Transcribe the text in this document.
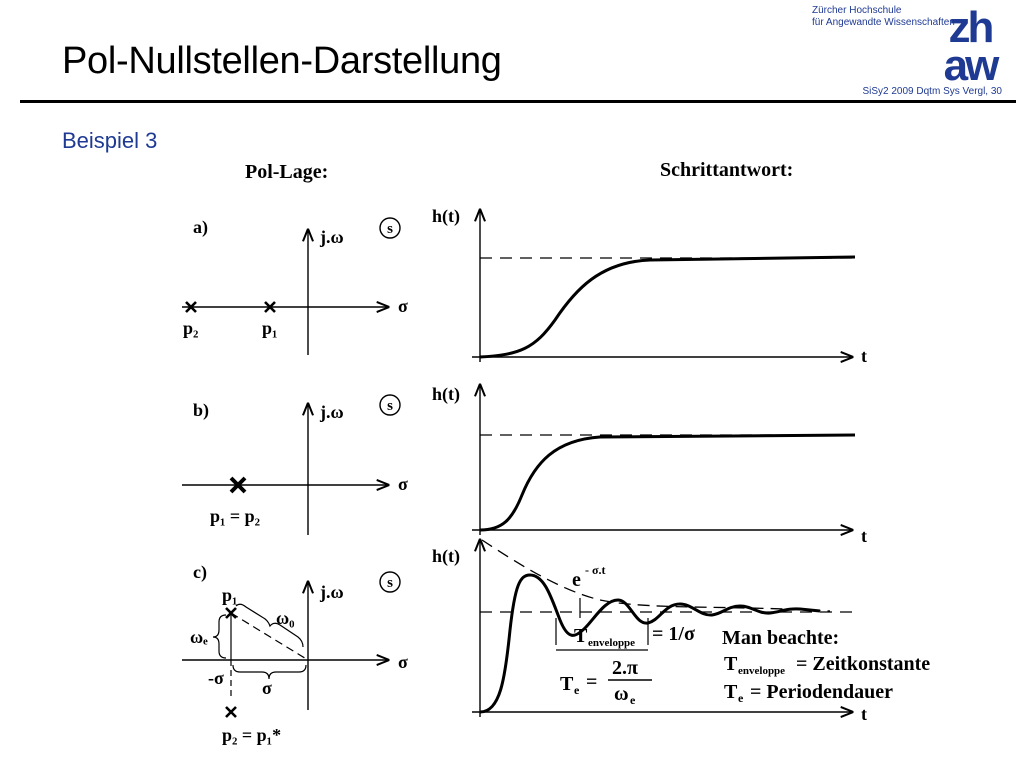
Pol-Nullstellen-Darstellung
Zürcher Hochschule
für Angewandte Wissenschaften
zh
aw
SiSy2 2009 Dqtm Sys Vergl, 30
Beispiel 3
Pol-Lage:	Schrittantwort:
a)	j.ω
σ
s
p₂	p₁
h(t)
t
b)	j.ω
σ
s
p₁ = p₂
h(t)
t
c)
j.ω
σ
s
p₁
p₂ = p₁*
ωₑ
ω₀
-σ σ
h(t)
t
e - σ.t
T enveloppe = 1/σ
T e =
2.π
ω e
Man beachte:
T enveloppe = Zeitkonstante
T e = Periodendauer
